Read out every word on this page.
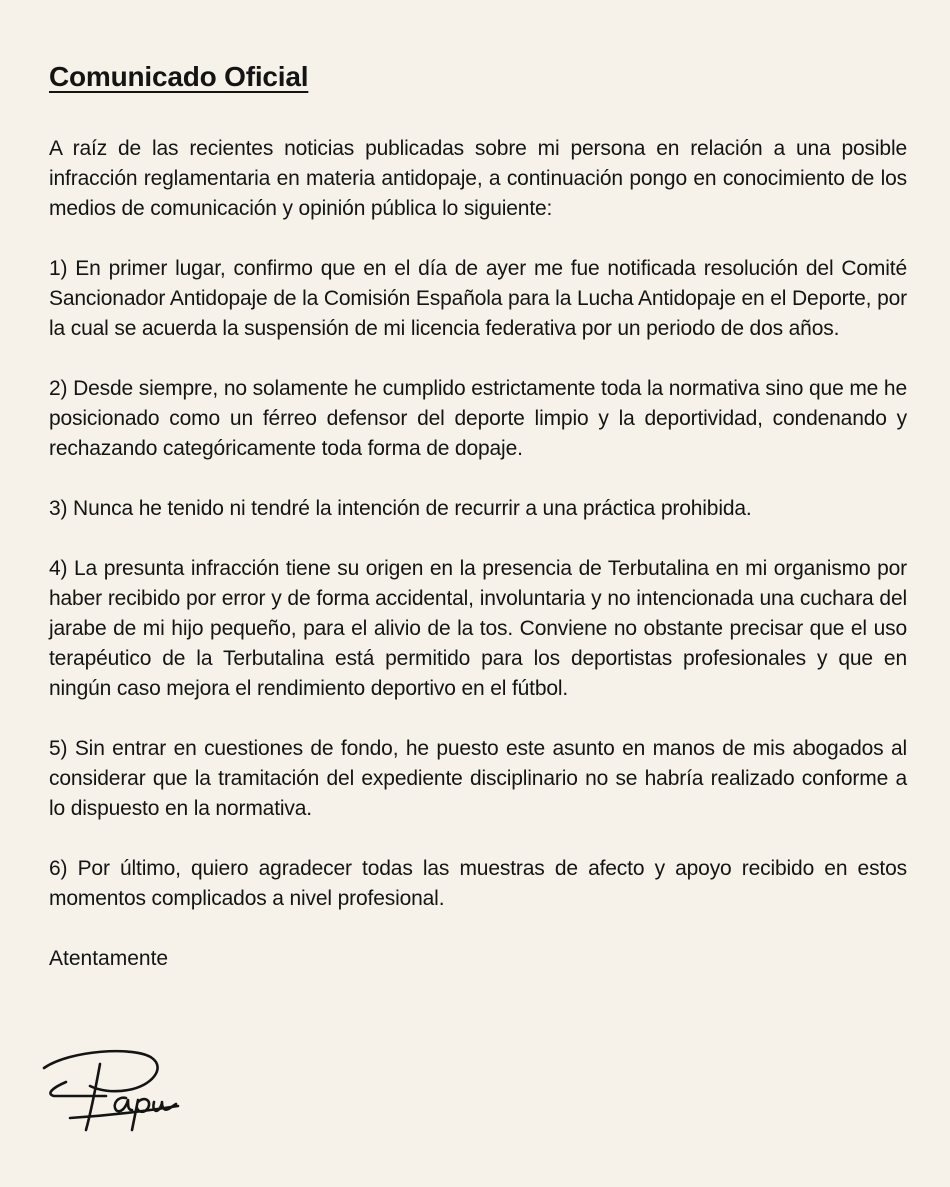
Comunicado Oficial

A raíz de las recientes noticias publicadas sobre mi persona en relación a una posible infracción reglamentaria en materia antidopaje, a continuación pongo en conocimiento de los medios de comunicación y opinión pública lo siguiente:

1) En primer lugar, confirmo que en el día de ayer me fue notificada resolución del Comité Sancionador Antidopaje de la Comisión Española para la Lucha Antidopaje en el Deporte, por la cual se acuerda la suspensión de mi licencia federativa por un periodo de dos años.

2) Desde siempre, no solamente he cumplido estrictamente toda la normativa sino que me he posicionado como un férreo defensor del deporte limpio y la deportividad, condenando y rechazando categóricamente toda forma de dopaje.

3) Nunca he tenido ni tendré la intención de recurrir a una práctica prohibida.

4) La presunta infracción tiene su origen en la presencia de Terbutalina en mi organismo por haber recibido por error y de forma accidental, involuntaria y no intencionada una cuchara del jarabe de mi hijo pequeño, para el alivio de la tos. Conviene no obstante precisar que el uso terapéutico de la Terbutalina está permitido para los deportistas profesionales y que en ningún caso mejora el rendimiento deportivo en el fútbol.

5) Sin entrar en cuestiones de fondo, he puesto este asunto en manos de mis abogados al considerar que la tramitación del expediente disciplinario no se habría realizado conforme a lo dispuesto en la normativa.

6) Por último, quiero agradecer todas las muestras de afecto y apoyo recibido en estos momentos complicados a nivel profesional.

Atentamente
